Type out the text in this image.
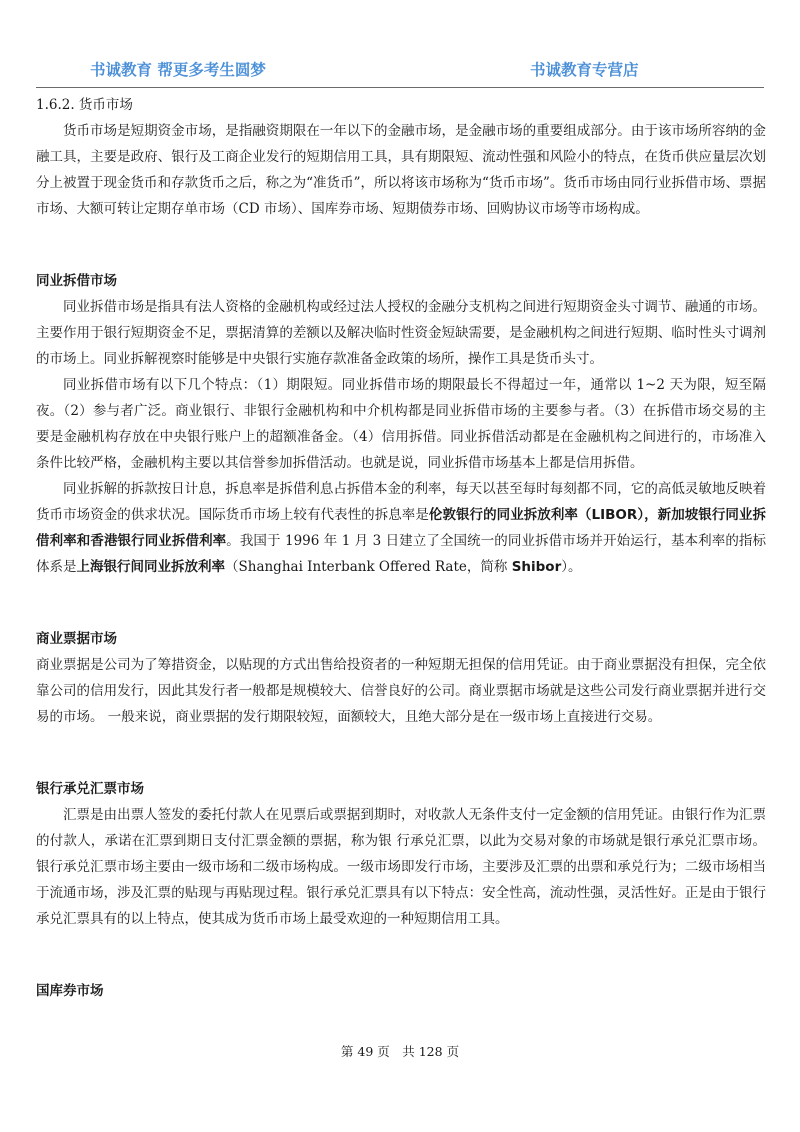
书诚教育 帮更多考生圆梦	书诚教育专营店

1.6.2. 货币市场

货币市场是短期资金市场，是指融资期限在一年以下的金融市场，是金融市场的重要组成部分。由于该市场所容纳的金融工具，主要是政府、银行及工商企业发行的短期信用工具，具有期限短、流动性强和风险小的特点，在货币供应量层次划分上被置于现金货币和存款货币之后，称之为“准货币”，所以将该市场称为“货币市场”。货币市场由同行业拆借市场、票据市场、大额可转让定期存单市场（CD 市场）、国库券市场、短期债券市场、回购协议市场等市场构成。

同业拆借市场

同业拆借市场是指具有法人资格的金融机构或经过法人授权的金融分支机构之间进行短期资金头寸调节、融通的市场。 主要作用于银行短期资金不足，票据清算的差额以及解决临时性资金短缺需要，是金融机构之间进行短期、临时性头寸调剂的市场上。同业拆解视察时能够是中央银行实施存款准备金政策的场所，操作工具是货币头寸。

同业拆借市场有以下几个特点：（1）期限短。同业拆借市场的期限最长不得超过一年，通常以 1~2 天为限，短至隔夜。（2）参与者广泛。商业银行、非银行金融机构和中介机构都是同业拆借市场的主要参与者。（3）在拆借市场交易的主要是金融机构存放在中央银行账户上的超额准备金。（4）信用拆借。同业拆借活动都是在金融机构之间进行的，市场准入条件比较严格，金融机构主要以其信誉参加拆借活动。也就是说，同业拆借市场基本上都是信用拆借。

同业拆解的拆款按日计息，拆息率是拆借利息占拆借本金的利率，每天以甚至每时每刻都不同，它的高低灵敏地反映着货币市场资金的供求状况。国际货币市场上较有代表性的拆息率是伦敦银行的同业拆放利率（LIBOR），新加坡银行同业拆借利率和香港银行同业拆借利率。我国于 1996 年 1 月 3 日建立了全国统一的同业拆借市场并开始运行，基本利率的指标体系是上海银行间同业拆放利率（Shanghai Interbank Offered Rate，简称 Shibor）。

商业票据市场

商业票据是公司为了筹措资金，以贴现的方式出售给投资者的一种短期无担保的信用凭证。由于商业票据没有担保，完全依靠公司的信用发行，因此其发行者一般都是规模较大、信誉良好的公司。商业票据市场就是这些公司发行商业票据并进行交易的市场。 一般来说，商业票据的发行期限较短，面额较大，且绝大部分是在一级市场上直接进行交易。

银行承兑汇票市场

汇票是由出票人签发的委托付款人在见票后或票据到期时，对收款人无条件支付一定金额的信用凭证。由银行作为汇票的付款人，承诺在汇票到期日支付汇票金额的票据，称为银 行承兑汇票，以此为交易对象的市场就是银行承兑汇票市场。 银行承兑汇票市场主要由一级市场和二级市场构成。一级市场即发行市场，主要涉及汇票的出票和承兑行为；二级市场相当于流通市场，涉及汇票的贴现与再贴现过程。银行承兑汇票具有以下特点：安全性高，流动性强，灵活性好。正是由于银行承兑汇票具有的以上特点，使其成为货币市场上最受欢迎的一种短期信用工具。

国库券市场

第 49 页　共 128 页
